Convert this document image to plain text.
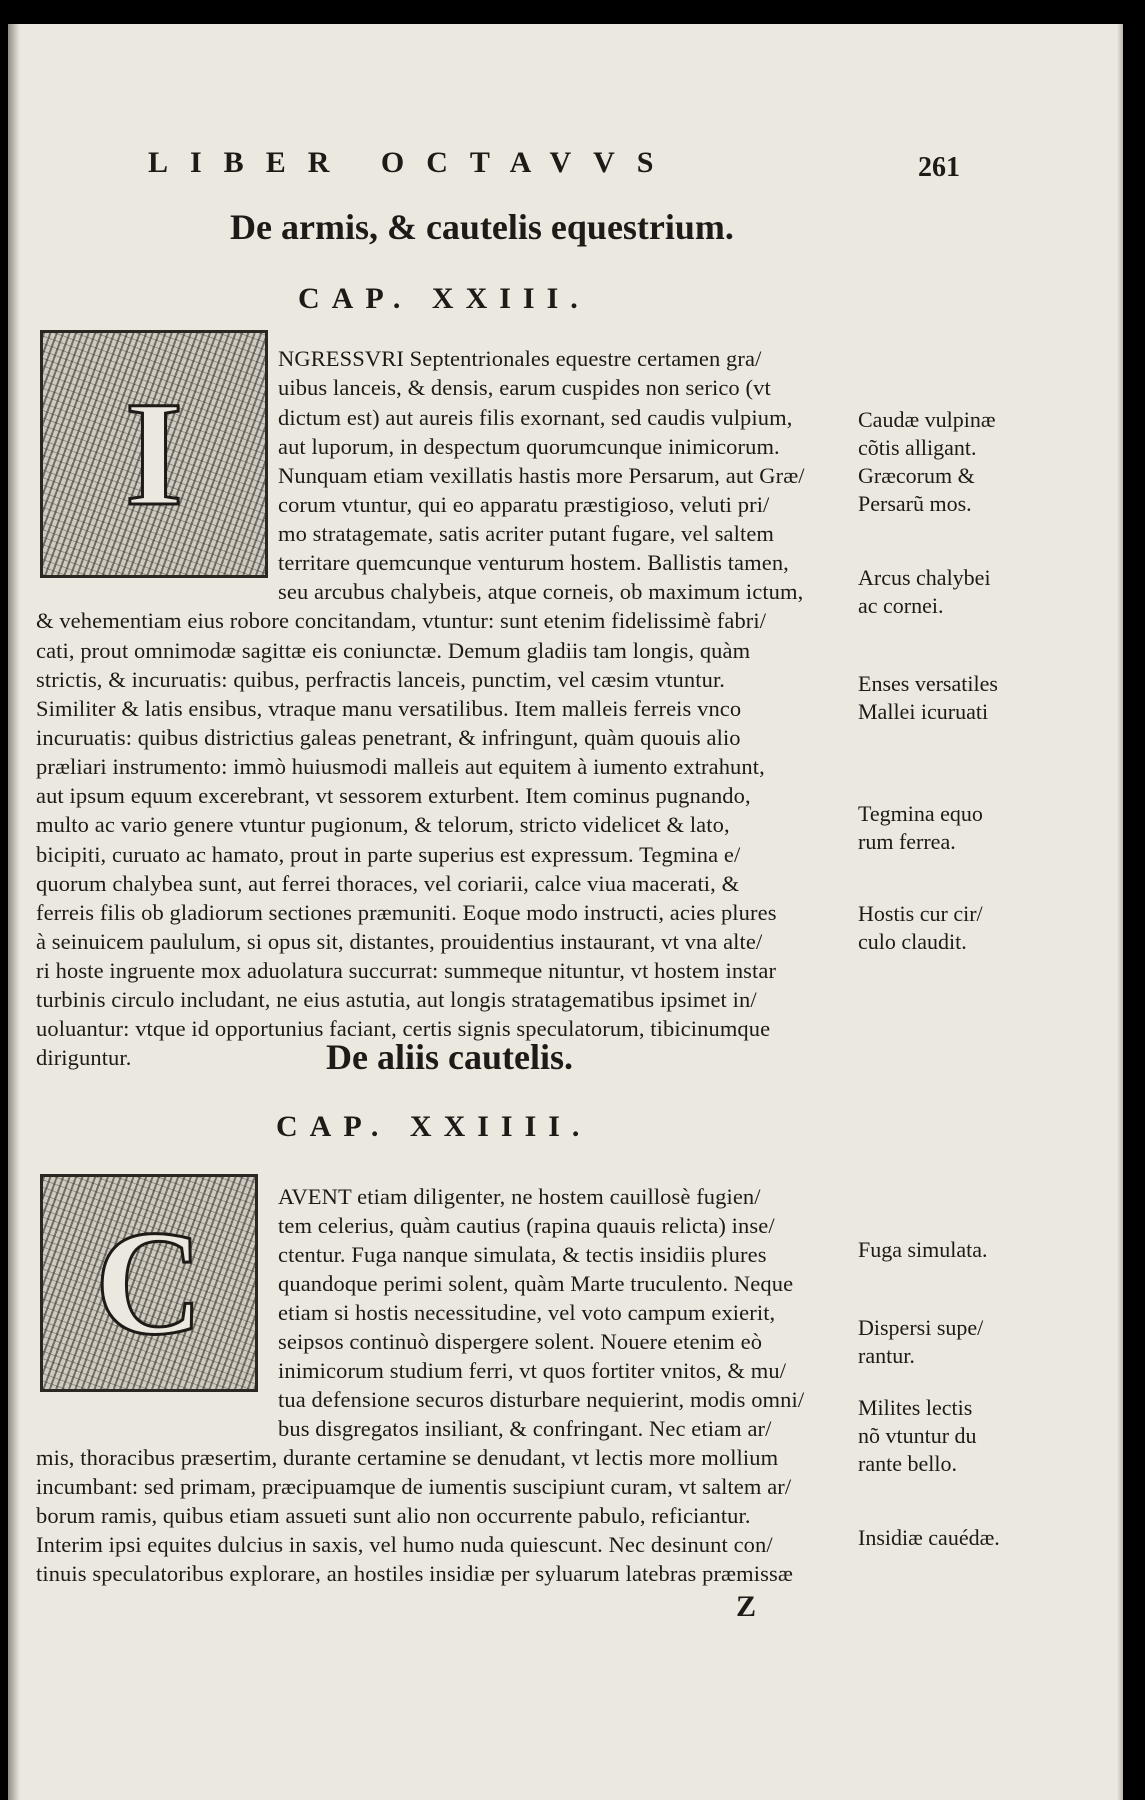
LIBER OCTAVVS	261

De armis, & cautelis equestrium.
CAP. XXIII.
I

NGRESSVRI Septentrionales equestre certamen gra/

uibus lanceis, & densis, earum cuspides non serico (vt

dictum est) aut aureis filis exornant, sed caudis vulpium,

aut luporum, in despectum quorumcunque inimicorum.

Nunquam etiam vexillatis hastis more Persarum, aut Græ/

corum vtuntur, qui eo apparatu præstigioso, veluti pri/

mo stratagemate, satis acriter putant fugare, vel saltem

territare quemcunque venturum hostem. Ballistis tamen,

seu arcubus chalybeis, atque corneis, ob maximum ictum,

& vehementiam eius robore concitandam, vtuntur: sunt etenim fidelissimè fabri/

cati, prout omnimodæ sagittæ eis coniunctæ. Demum gladiis tam longis, quàm

strictis, & incuruatis: quibus, perfractis lanceis, punctim, vel cæsim vtuntur.

Similiter & latis ensibus, vtraque manu versatilibus. Item malleis ferreis vnco

incuruatis: quibus districtius galeas penetrant, & infringunt, quàm quouis alio

præliari instrumento: immò huiusmodi malleis aut equitem à iumento extrahunt,

aut ipsum equum excerebrant, vt sessorem exturbent. Item cominus pugnando,

multo ac vario genere vtuntur pugionum, & telorum, stricto videlicet & lato,

bicipiti, curuato ac hamato, prout in parte superius est expressum. Tegmina e/

quorum chalybea sunt, aut ferrei thoraces, vel coriarii, calce viua macerati, &

ferreis filis ob gladiorum sectiones præmuniti. Eoque modo instructi, acies plures

à seinuicem paululum, si opus sit, distantes, prouidentius instaurant, vt vna alte/

ri hoste ingruente mox aduolatura succurrat: summeque nituntur, vt hostem instar

turbinis circulo includant, ne eius astutia, aut longis stratagematibus ipsimet in/

uoluantur: vtque id opportunius faciant, certis signis speculatorum, tibicinumque

diriguntur.	De aliis cautelis.
CAP. XXIIII.
C

AVENT etiam diligenter, ne hostem cauillosè fugien/

tem celerius, quàm cautius (rapina quauis relicta) inse/

ctentur. Fuga nanque simulata, & tectis insidiis plures

quandoque perimi solent, quàm Marte truculento. Neque

etiam si hostis necessitudine, vel voto campum exierit,

seipsos continuò dispergere solent. Nouere etenim eò

inimicorum studium ferri, vt quos fortiter vnitos, & mu/

tua defensione securos disturbare nequierint, modis omni/

bus disgregatos insiliant, & confringant. Nec etiam ar/

mis, thoracibus præsertim, durante certamine se denudant, vt lectis more mollium

incumbant: sed primam, præcipuamque de iumentis suscipiunt curam, vt saltem ar/

borum ramis, quibus etiam assueti sunt alio non occurrente pabulo, reficiantur.

Interim ipsi equites dulcius in saxis, vel humo nuda quiescunt. Nec desinunt con/

tinuis speculatoribus explorare, an hostiles insidiæ per syluarum latebras præmissæ

Z

Caudæ vulpinæ
cõtis alligant.
Græcorum &
Persarũ mos.
Arcus chalybei
ac cornei.
Enses versatiles
Mallei icuruati
Tegmina equo
rum ferrea.
Hostis cur cir/
culo claudit.
Fuga simulata.
Dispersi supe/
rantur.
Milites lectis
nõ vtuntur du
rante bello.
Insidiæ cauédæ.
